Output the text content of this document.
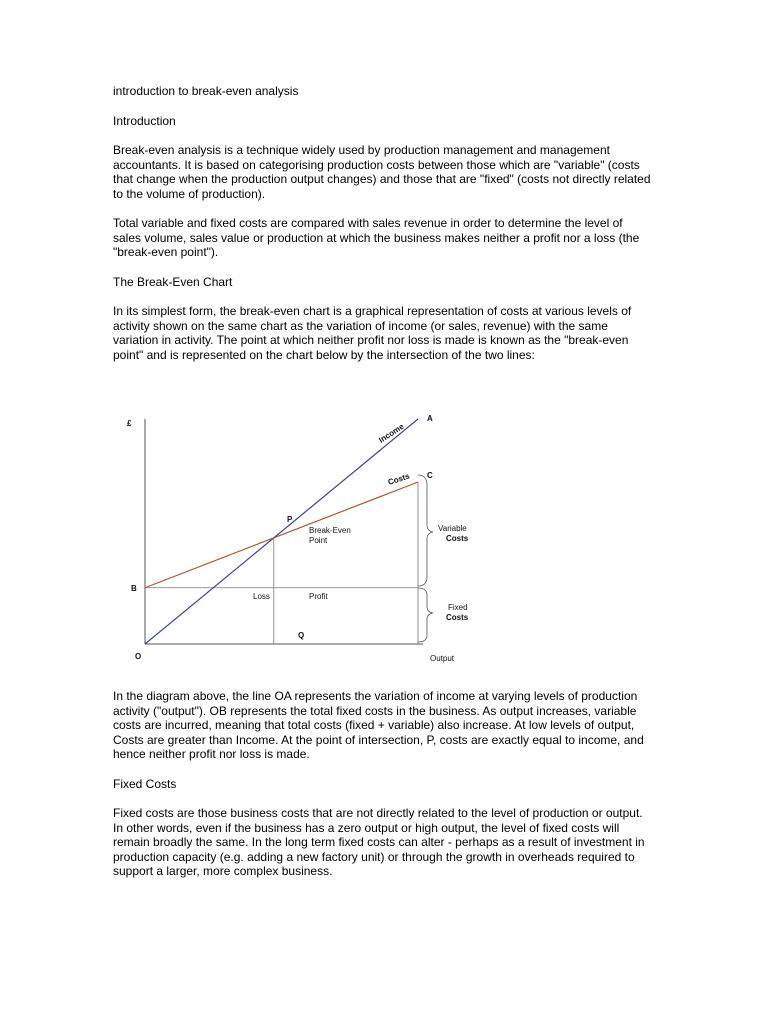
introduction to break-even analysis

Introduction

Break-even analysis is a technique widely used by production management and management accountants. It is based on categorising production costs between those which are "variable" (costs that change when the production output changes) and those that are "fixed" (costs not directly related to the volume of production).

Total variable and fixed costs are compared with sales revenue in order to determine the level of sales volume, sales value or production at which the business makes neither a profit nor a loss (the "break-even point").

The Break-Even Chart

In its simplest form, the break-even chart is a graphical representation of costs at various levels of activity shown on the same chart as the variation of income (or sales, revenue) with the same variation in activity. The point at which neither profit nor loss is made is known as the "break-even point" and is represented on the chart below by the intersection of the two lines:

£
O
B
A
C
P
Q
Income
Costs
Break-Even
Point
Loss	Profit
Variable
Costs
Fixed
Costs
Output

In the diagram above, the line OA represents the variation of income at varying levels of production activity ("output"). OB represents the total fixed costs in the business. As output increases, variable costs are incurred, meaning that total costs (fixed + variable) also increase. At low levels of output, Costs are greater than Income. At the point of intersection, P, costs are exactly equal to income, and hence neither profit nor loss is made.

Fixed Costs

Fixed costs are those business costs that are not directly related to the level of production or output. In other words, even if the business has a zero output or high output, the level of fixed costs will remain broadly the same. In the long term fixed costs can alter - perhaps as a result of investment in production capacity (e.g. adding a new factory unit) or through the growth in overheads required to support a larger, more complex business.
